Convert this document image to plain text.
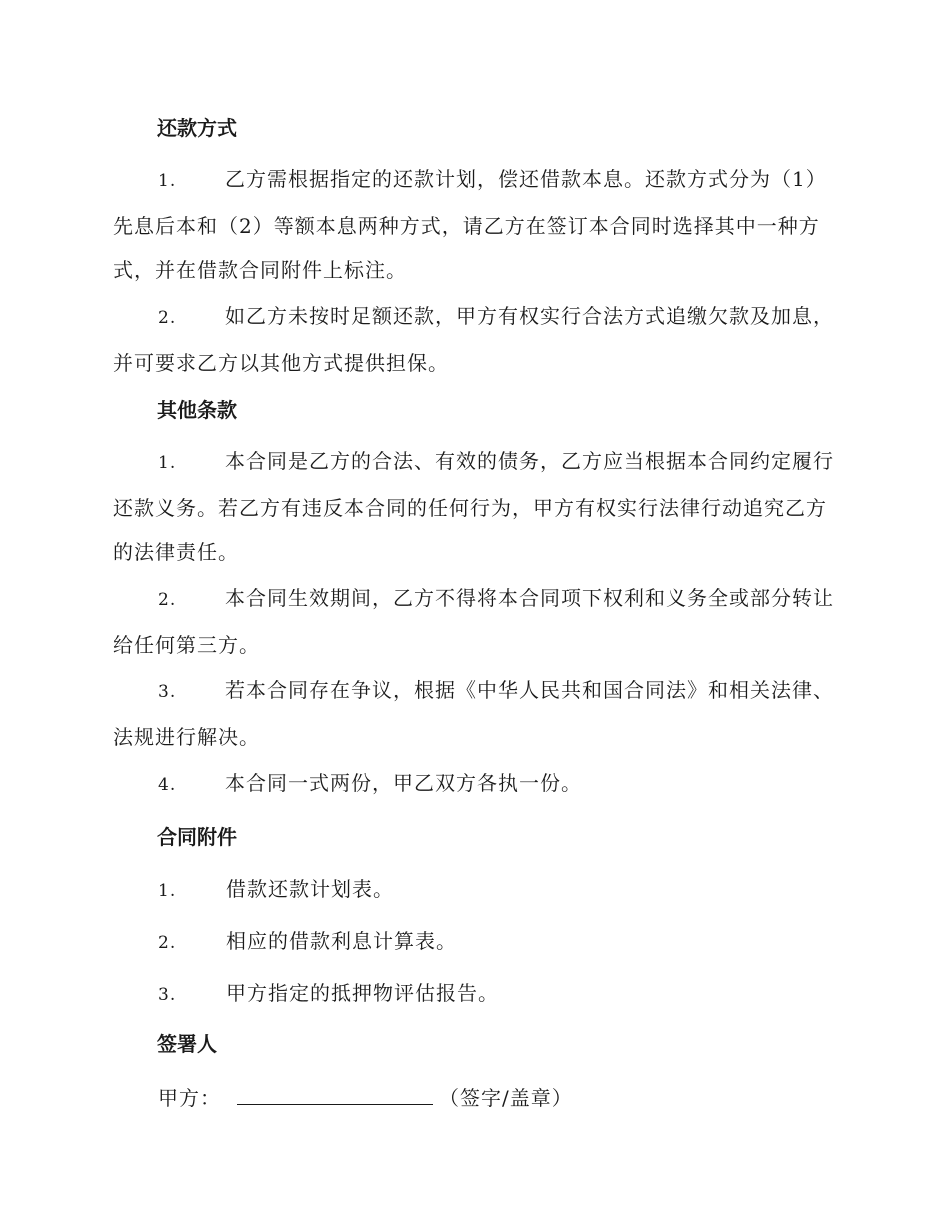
还款方式
1. 乙方需根据指定的还款计划，偿还借款本息。还款方式分为（1）先息后本和（2）等额本息两种方式，请乙方在签订本合同时选择其中一种方式，并在借款合同附件上标注。
2. 如乙方未按时足额还款，甲方有权实行合法方式追缴欠款及加息，并可要求乙方以其他方式提供担保。
其他条款
1. 本合同是乙方的合法、有效的债务，乙方应当根据本合同约定履行还款义务。若乙方有违反本合同的任何行为，甲方有权实行法律行动追究乙方的法律责任。
2. 本合同生效期间，乙方不得将本合同项下权利和义务全或部分转让给任何第三方。
3. 若本合同存在争议，根据《中华人民共和国合同法》和相关法律、法规进行解决。
4. 本合同一式两份，甲乙双方各执一份。
合同附件
1. 借款还款计划表。
2. 相应的借款利息计算表。
3. 甲方指定的抵押物评估报告。
签署人
甲方：	（签字/盖章）
